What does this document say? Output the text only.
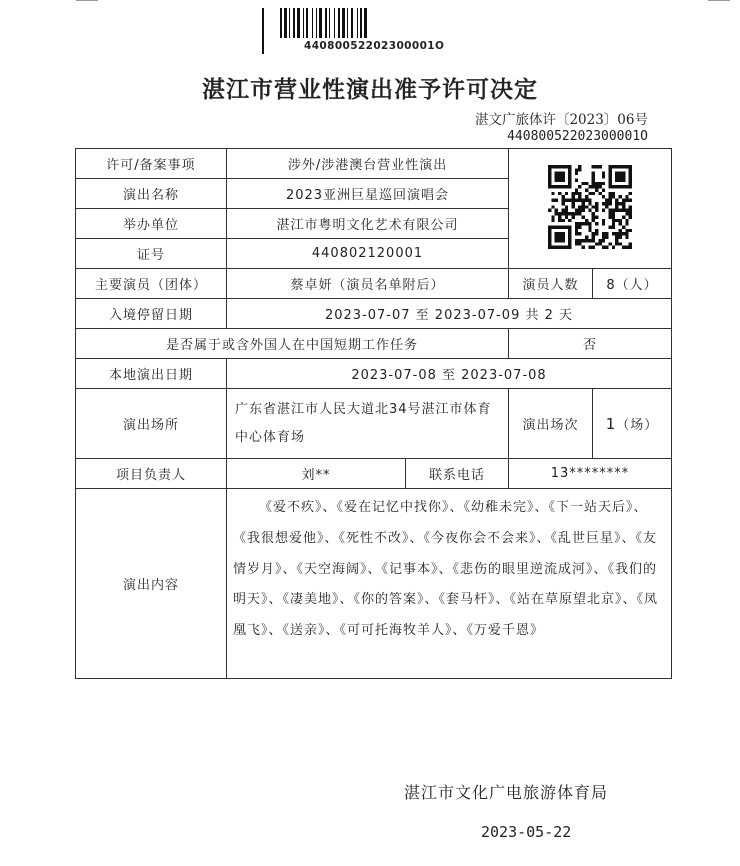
44080052202300001O
湛江市营业性演出准予许可决定
湛文广旅体许〔2023〕06号
44080052202300001O
许可/备案事项	涉外/涉港澳台营业性演出	
演出名称	2023亚洲巨星巡回演唱会			
举办单位	湛江市粤明文化艺术有限公司			
证号	440802120001			
主要演员（团体）	蔡卓妍（演员名单附后）		演员人数	8（人）
入境停留日期	2023-07-07 至 2023-07-09 共 2 天			
是否属于或含外国人在中国短期工作任务			否	
本地演出日期	2023-07-08 至 2023-07-08			
演出场所	广东省湛江市人民大道北34号湛江市体育中心体育场		演出场次	1（场）
项目负责人	刘**	联系电话	13********	
演出内容	《爱不疚》、《爱在记忆中找你》、《幼稚未完》、《下一站天后》、《我很想爱他》、《死性不改》、《今夜你会不会来》、《乱世巨星》、《友情岁月》、《天空海阔》、《记事本》、《悲伤的眼里逆流成河》、《我们的明天》、《凄美地》、《你的答案》、《套马杆》、《站在草原望北京》、《凤凰飞》、《送亲》、《可可托海牧羊人》、《万爱千恩》			
湛江市文化广电旅游体育局
2023-05-22
